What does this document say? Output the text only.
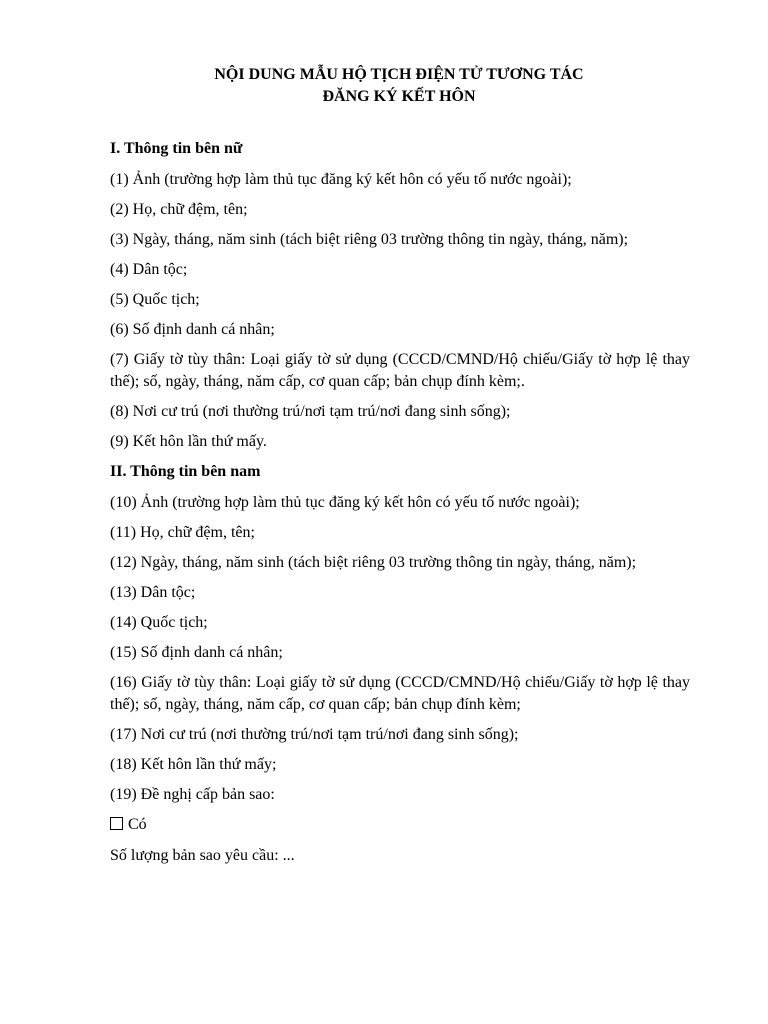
NỘI DUNG MẪU HỘ TỊCH ĐIỆN TỬ TƯƠNG TÁC
ĐĂNG KÝ KẾT HÔN
I. Thông tin bên nữ
(1) Ảnh (trường hợp làm thủ tục đăng ký kết hôn có yếu tố nước ngoài);
(2) Họ, chữ đệm, tên;
(3) Ngày, tháng, năm sinh (tách biệt riêng 03 trường thông tin ngày, tháng, năm);
(4) Dân tộc;
(5) Quốc tịch;
(6) Số định danh cá nhân;
(7) Giấy tờ tùy thân: Loại giấy tờ sử dụng (CCCD/CMND/Hộ chiếu/Giấy tờ hợp lệ thay thế); số, ngày, tháng, năm cấp, cơ quan cấp; bản chụp đính kèm;.
(8) Nơi cư trú (nơi thường trú/nơi tạm trú/nơi đang sinh sống);
(9) Kết hôn lần thứ mấy.
II. Thông tin bên nam
(10) Ảnh (trường hợp làm thủ tục đăng ký kết hôn có yếu tố nước ngoài);
(11) Họ, chữ đệm, tên;
(12) Ngày, tháng, năm sinh (tách biệt riêng 03 trường thông tin ngày, tháng, năm);
(13) Dân tộc;
(14) Quốc tịch;
(15) Số định danh cá nhân;
(16) Giấy tờ tùy thân: Loại giấy tờ sử dụng (CCCD/CMND/Hộ chiếu/Giấy tờ hợp lệ thay thế); số, ngày, tháng, năm cấp, cơ quan cấp; bản chụp đính kèm;
(17) Nơi cư trú (nơi thường trú/nơi tạm trú/nơi đang sinh sống);
(18) Kết hôn lần thứ mấy;
(19) Đề nghị cấp bản sao:
Có
Số lượng bản sao yêu cầu: ...
